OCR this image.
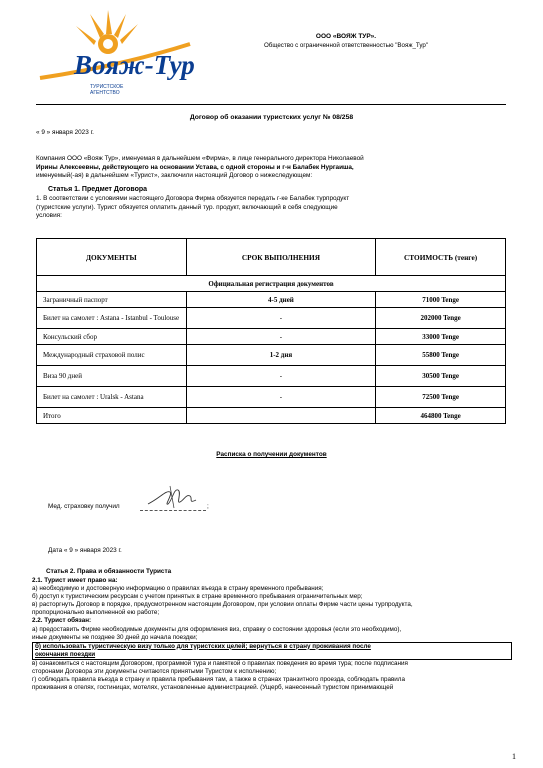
Вояж-Тур
ТУРИСТСКОЕ АГЕНТСТВО
ООО «ВОЯЖ ТУР».
Общество с ограниченной ответственностью "Вояж_Тур"
Договор об оказании туристских услуг № 08/258
« 9 » января 2023 г.
Компания ООО «Вояж Тур», именуемая в дальнейшем «Фирма», в лице генерального директора Николаевой
Ирины Алексеевны, действующего на основании Устава, с одной стороны и г-н Балабек Нургаиша,
именуемый(-ая) в дальнейшем «Турист», заключили настоящий Договор о нижеследующем:
Статья 1. Предмет Договора
1. В соответствии с условиями настоящего Договора Фирма обязуется передать г-ке Балабек турпродукт
(туристские услуги). Турист обязуется оплатить данный тур. продукт, включающий в себя следующие
условия:
ДОКУМЕНТЫ	СРОК ВЫПОЛНЕНИЯ	СТОИМОСТЬ (тенге)
Официальная регистрация документов		
Заграничный паспорт	4-5 дней	71000 Tenge
Билет на самолет : Astana - Istanbul - Toulouse	-	202000 Tenge
Консульский сбор	-	33000 Tenge
Международный страховой полис	1-2 дня	55800 Tenge
Виза 90 дней	-	30500 Tenge
Билет на самолет : Uralsk - Astana	-	72500 Tenge
Итого		464800 Tenge
Расписка о получении документов
Мед. страховку получил	;
Дата « 9 » января 2023 г.
Статья 2. Права и обязанности Туриста
2.1. Турист имеет право на:
а) необходимую и достоверную информацию о правилах въезда в страну временного пребывания;
б) доступ к туристическим ресурсам с учетом принятых в стране временного пребывания ограничительных мер;
в) расторгнуть Договор в порядке, предусмотренном настоящим Договором, при условии оплаты Фирме части цены турпродукта,
пропорционально выполненной ею работе;
2.2. Турист обязан:
а) предоставить Фирме необходимые документы для оформления виз, справку о состоянии здоровья (если это необходимо),
иные документы не позднее 30 дней до начала поездки;
б) использовать туристическую визу только для туристских целей; вернуться в страну проживания после
окончания поездки
в) ознакомиться с настоящим Договором, программой тура и памяткой о правилах поведения во время тура; после подписания
сторонами Договора эти документы считаются принятыми Туристом к исполнению;
г) соблюдать правила въезда в страну и правила пребывания там, а также в странах транзитного проезда, соблюдать правила
проживания в отелях, гостиницах, мотелях, установленные администрацией. (Ущерб, нанесенный туристом принимающей
1
